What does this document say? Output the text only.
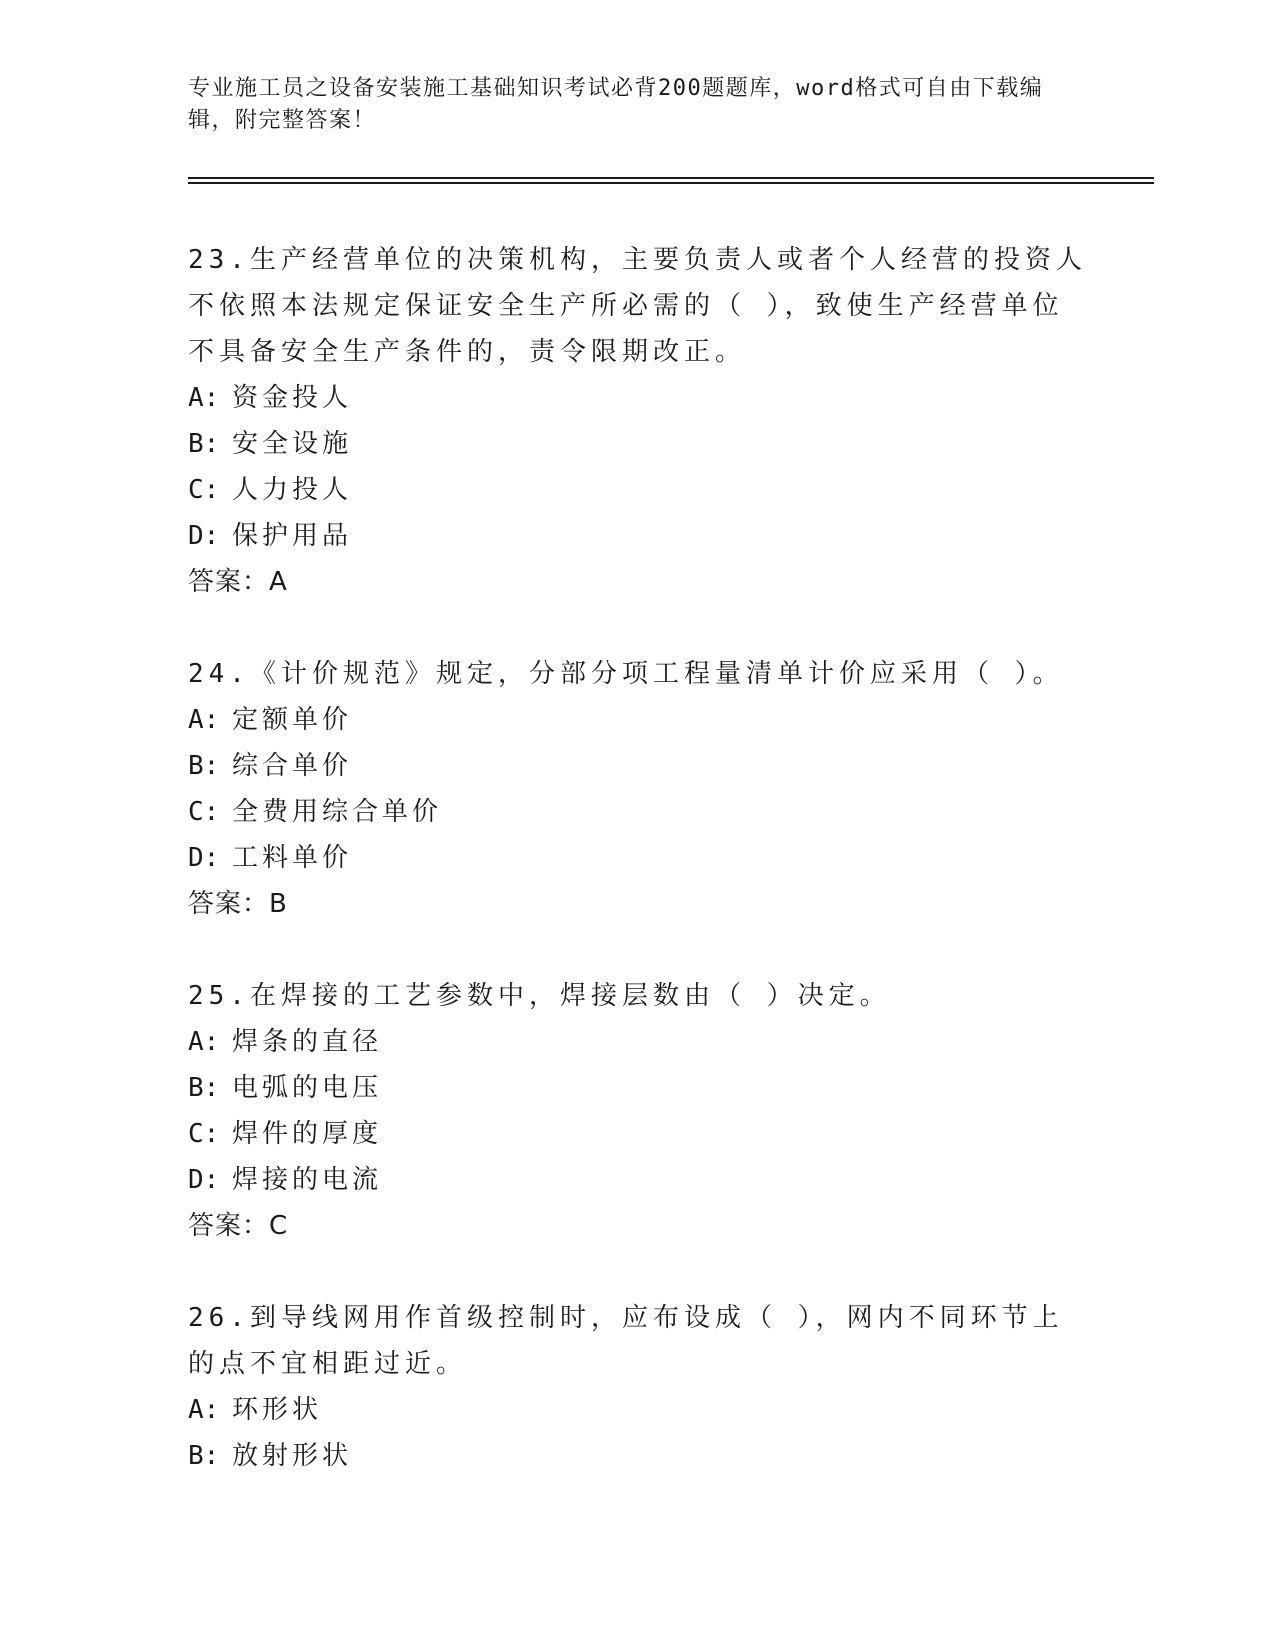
专业施工员之设备安装施工基础知识考试必背200题题库，word格式可自由下载编辑，附完整答案！
23.生产经营单位的决策机构，主要负责人或者个人经营的投资人不依照本法规定保证安全生产所必需的（ ），致使生产经营单位不具备安全生产条件的，责令限期改正。
A: 资金投人
B: 安全设施
C: 人力投人
D: 保护用品
答案：A
24.《计价规范》规定，分部分项工程量清单计价应采用（ ）。
A: 定额单价
B: 综合单价
C: 全费用综合单价
D: 工料单价
答案：B
25.在焊接的工艺参数中，焊接层数由（ ）决定。
A: 焊条的直径
B: 电弧的电压
C: 焊件的厚度
D: 焊接的电流
答案：C
26.到导线网用作首级控制时，应布设成（ ），网内不同环节上的点不宜相距过近。
A: 环形状
B: 放射形状
